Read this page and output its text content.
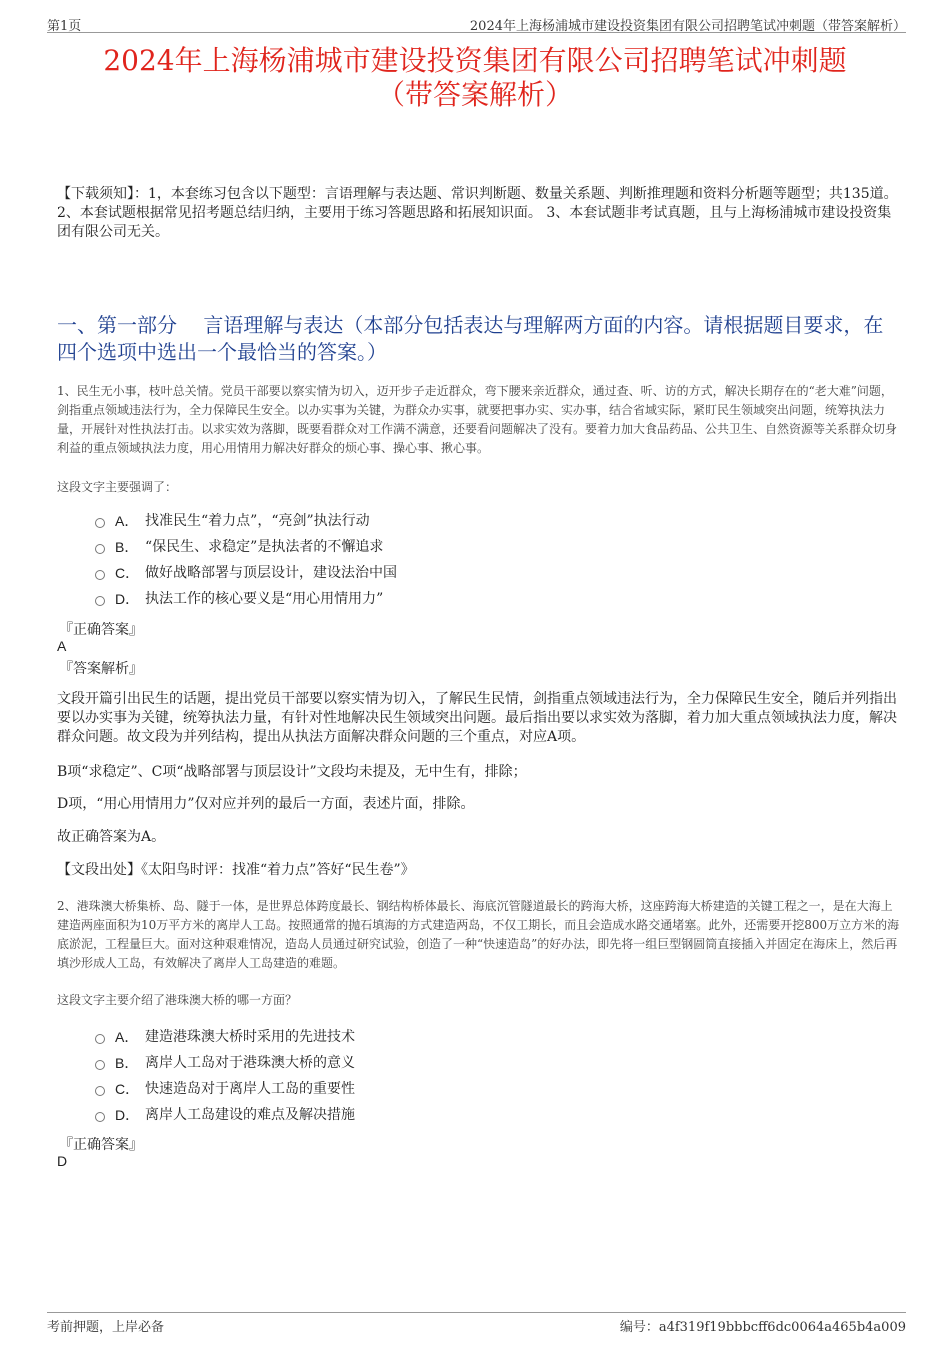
第1页	2024年上海杨浦城市建设投资集团有限公司招聘笔试冲刺题（带答案解析）
2024年上海杨浦城市建设投资集团有限公司招聘笔试冲刺题
（带答案解析）
【下载须知】：1，本套练习包含以下题型：言语理解与表达题、常识判断题、数量关系题、判断推理题和资料分析题等题型；共135道。 2、本套试题根据常见招考题总结归纳，主要用于练习答题思路和拓展知识面。 3、本套试题非考试真题，且与上海杨浦城市建设投资集团有限公司无关。
一、第一部分　 言语理解与表达（本部分包括表达与理解两方面的内容。请根据题目要求，在四个选项中选出一个最恰当的答案。）
1、民生无小事，枝叶总关情。党员干部要以察实情为切入，迈开步子走近群众，弯下腰来亲近群众，通过查、听、访的方式，解决长期存在的“老大难”问题，剑指重点领域违法行为，全力保障民生安全。以办实事为关键，为群众办实事，就要把事办实、实办事，结合省域实际，紧盯民生领域突出问题，统筹执法力量，开展针对性执法打击。以求实效为落脚，既要看群众对工作满不满意，还要看问题解决了没有。要着力加大食品药品、公共卫生、自然资源等关系群众切身利益的重点领域执法力度，用心用情用力解决好群众的烦心事、操心事、揪心事。
这段文字主要强调了：
A． 找准民生“着力点”，“亮剑”执法行动
B． “保民生、求稳定”是执法者的不懈追求
C． 做好战略部署与顶层设计，建设法治中国
D． 执法工作的核心要义是“用心用情用力”
『正确答案』
A
『答案解析』
文段开篇引出民生的话题，提出党员干部要以察实情为切入，了解民生民情，剑指重点领域违法行为，全力保障民生安全，随后并列指出要以办实事为关键，统筹执法力量，有针对性地解决民生领域突出问题。最后指出要以求实效为落脚，着力加大重点领域执法力度，解决群众问题。故文段为并列结构，提出从执法方面解决群众问题的三个重点，对应A项。
B项“求稳定”、C项“战略部署与顶层设计”文段均未提及，无中生有，排除；
D项，“用心用情用力”仅对应并列的最后一方面，表述片面，排除。
故正确答案为A。
【文段出处】《太阳鸟时评：找准“着力点”答好“民生卷”》
2、港珠澳大桥集桥、岛、隧于一体，是世界总体跨度最长、钢结构桥体最长、海底沉管隧道最长的跨海大桥，这座跨海大桥建造的关键工程之一，是在大海上建造两座面积为10万平方米的离岸人工岛。按照通常的抛石填海的方式建造两岛，不仅工期长，而且会造成水路交通堵塞。此外，还需要开挖800万立方米的海底淤泥，工程量巨大。面对这种艰难情况，造岛人员通过研究试验，创造了一种“快速造岛”的好办法，即先将一组巨型钢圆筒直接插入并固定在海床上，然后再填沙形成人工岛，有效解决了离岸人工岛建造的难题。
这段文字主要介绍了港珠澳大桥的哪一方面？
A． 建造港珠澳大桥时采用的先进技术
B． 离岸人工岛对于港珠澳大桥的意义
C． 快速造岛对于离岸人工岛的重要性
D． 离岸人工岛建设的难点及解决措施
『正确答案』
D
考前押题，上岸必备	编号：a4f319f19bbbcff6dc0064a465b4a009
